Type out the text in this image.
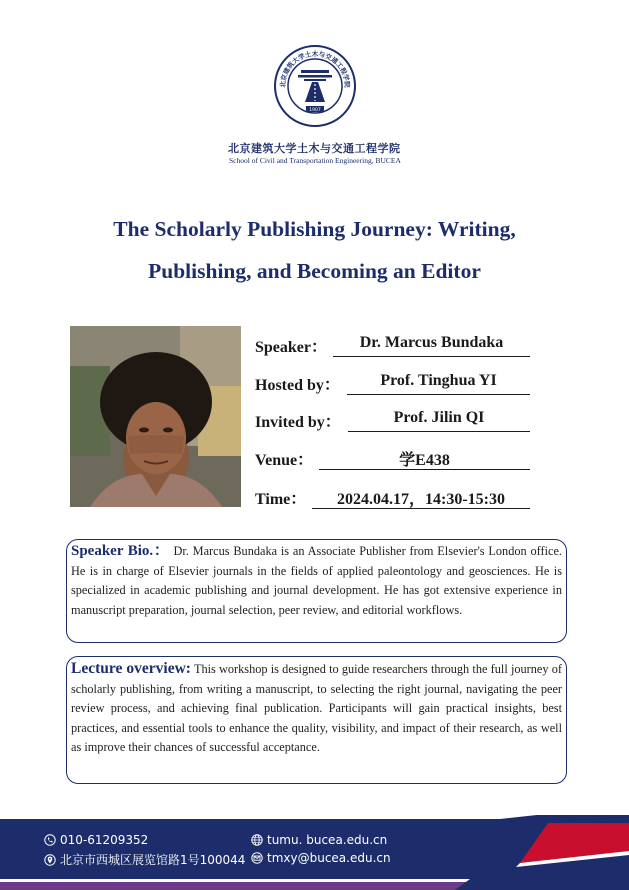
北京建筑大学土木与交通工程学院
1907
北京建筑大学土木与交通工程学院
School of Civil and Transportation Engineering, BUCEA
The Scholarly Publishing Journey: Writing,
Publishing, and Becoming an Editor
Speaker：	Dr. Marcus Bundaka
Hosted by：	Prof. Tinghua YI
Invited by：	Prof. Jilin QI
Venue：	学E438
Time：	2024.04.17，14:30-15:30
Speaker Bio.： Dr. Marcus Bundaka is an Associate Publisher from Elsevier's London office. He is in charge of Elsevier journals in the fields of applied paleontology and geosciences. He is specialized in academic publishing and journal development. He has got extensive experience in manuscript preparation, journal selection, peer review, and editorial workflows.
Lecture overview: This workshop is designed to guide researchers through the full journey of scholarly publishing, from writing a manuscript, to selecting the right journal, navigating the peer review process, and achieving final publication. Participants will gain practical insights, best practices, and essential tools to enhance the quality, visibility, and impact of their research, as well as improve their chances of successful acceptance.
010-61209352
北京市西城区展览馆路1号100044
tumu. bucea.edu.cn
tmxy@bucea.edu.cn
